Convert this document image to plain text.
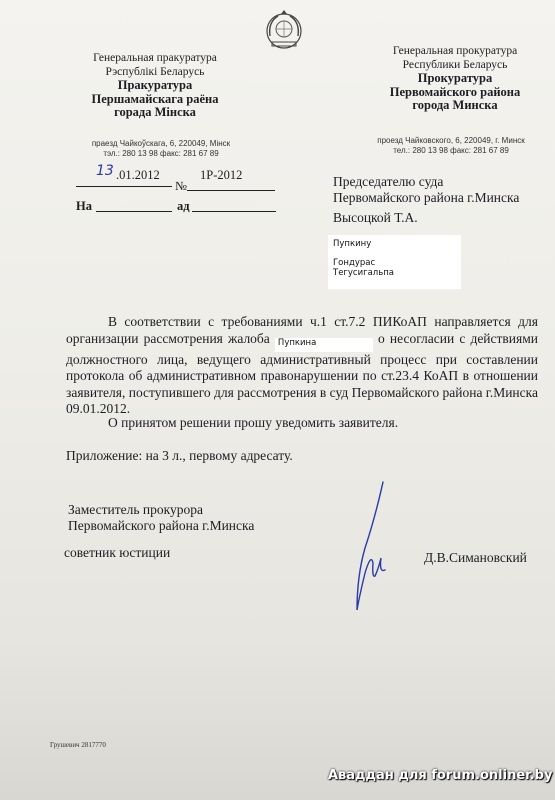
Генеральная пракуратура
Рэспублікі Беларусь
Пракуратура
Першамайскага раёна
горада Мінска
Генеральная прокуратура
Республики Беларусь
Прокуратура
Первомайского района
города Минска
праезд Чайкоўскага, 6, 220049, Мінск
тэл.: 280 13 98 факс: 281 67 89
проезд Чайковского, 6, 220049, г. Минск
тел.: 280 13 98 факс: 281 67 89
13 .01.2012
№
1Р-2012
На	ад
Председателю суда
Первомайского района г.Минска
Высоцкой Т.А.
Пупкину
Гондурас
Тегусигальпа
В соответствии с требованиями ч.1 ст.7.2 ПИКоАП направляется для организации рассмотрения жалоба Пупкина	о несогласии с действиями должностного лица, ведущего административный процесс при составлении протокола об административном правонарушении по ст.23.4 КоАП в отношении заявителя, поступившего для рассмотрения в суд Первомайского района г.Минска 09.01.2012.
О принятом решении прошу уведомить заявителя.
Приложение: на 3 л., первому адресату.
Заместитель прокурора
Первомайского района г.Минска
советник юстиции	Д.В.Симановский
Грушевич 2817770
Аваддан для forum.onliner.by
